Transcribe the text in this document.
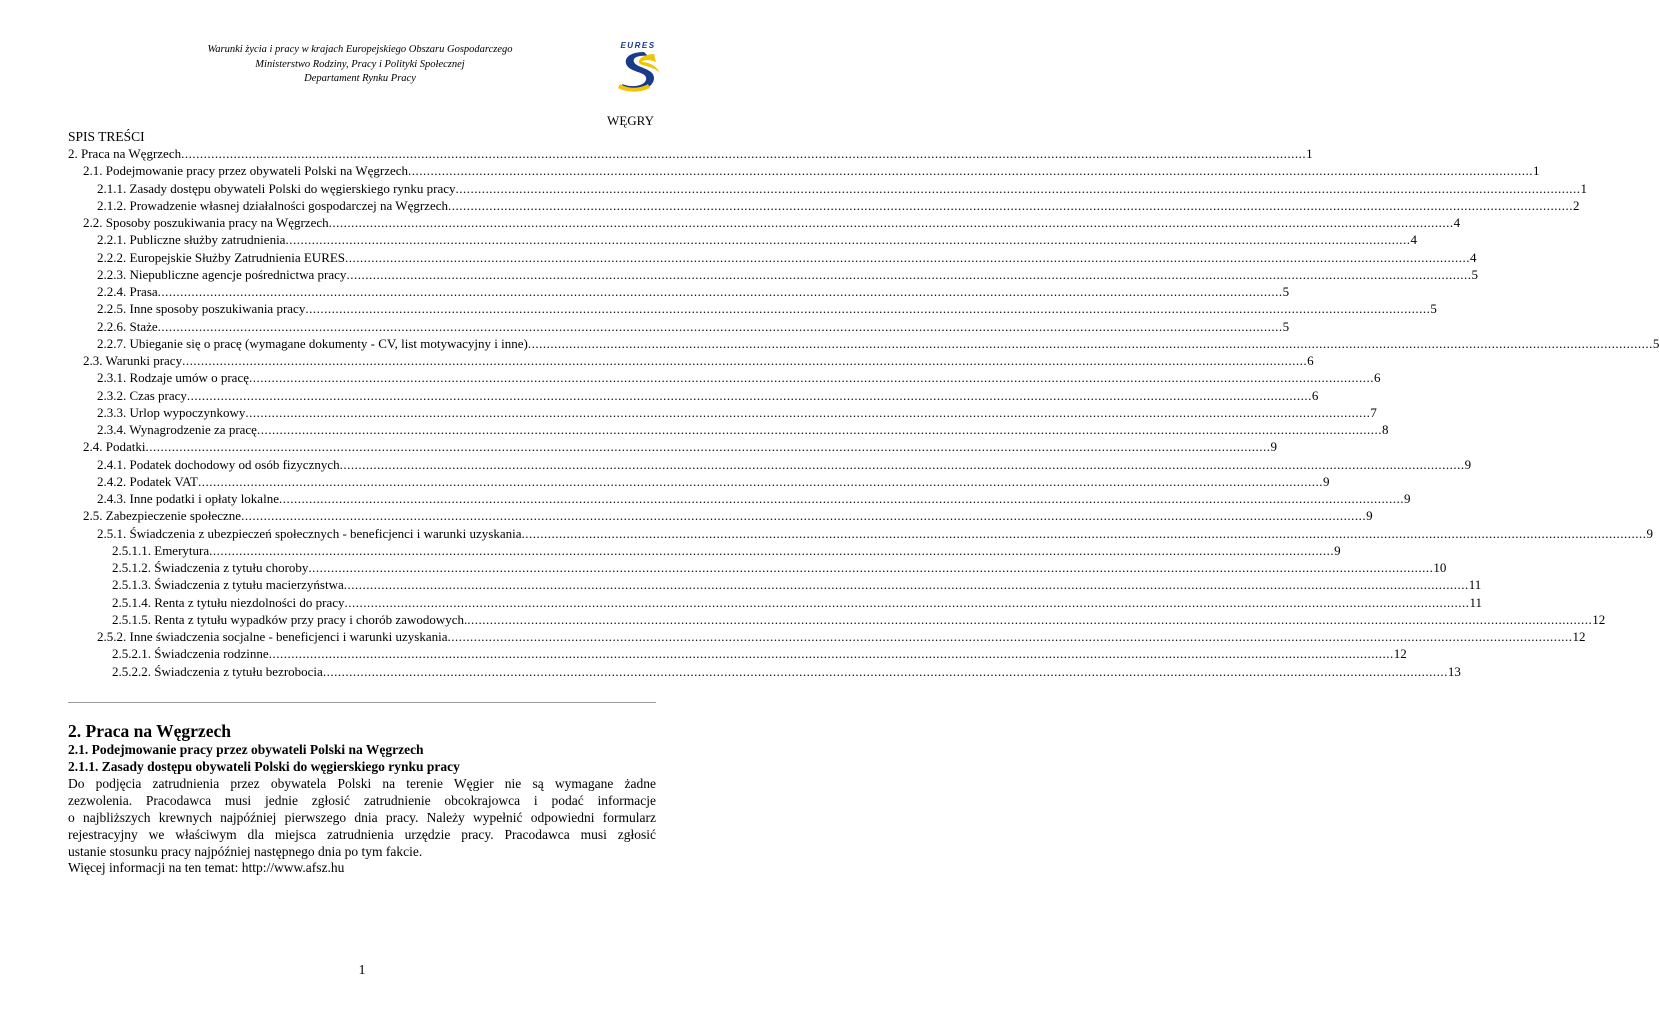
Warunki życia i pracy w krajach Europejskiego Obszaru Gospodarczego
Ministerstwo Rodziny, Pracy i Polityki Społecznej
Departament Rynku Pracy
EURES
WĘGRY
SPIS TREŚCI
2. Praca na Węgrzech ............................................................................................................................................................................................................................................................................................................ 1
2.1. Podejmowanie pracy przez obywateli Polski na Węgrzech ............................................................................................................................................................................................................................................................................................................ 1
2.1.1. Zasady dostępu obywateli Polski do węgierskiego rynku pracy ............................................................................................................................................................................................................................................................................................................ 1
2.1.2. Prowadzenie własnej działalności gospodarczej na Węgrzech ............................................................................................................................................................................................................................................................................................................ 2
2.2. Sposoby poszukiwania pracy na Węgrzech ............................................................................................................................................................................................................................................................................................................ 4
2.2.1. Publiczne służby zatrudnienia ............................................................................................................................................................................................................................................................................................................ 4
2.2.2. Europejskie Służby Zatrudnienia EURES ............................................................................................................................................................................................................................................................................................................ 4
2.2.3. Niepubliczne agencje pośrednictwa pracy ............................................................................................................................................................................................................................................................................................................ 5
2.2.4. Prasa ............................................................................................................................................................................................................................................................................................................ 5
2.2.5. Inne sposoby poszukiwania pracy ............................................................................................................................................................................................................................................................................................................ 5
2.2.6. Staże ............................................................................................................................................................................................................................................................................................................ 5
2.2.7. Ubieganie się o pracę (wymagane dokumenty - CV, list motywacyjny i inne) ............................................................................................................................................................................................................................................................................................................ 5
2.3. Warunki pracy ............................................................................................................................................................................................................................................................................................................ 6
2.3.1. Rodzaje umów o pracę ............................................................................................................................................................................................................................................................................................................ 6
2.3.2. Czas pracy ............................................................................................................................................................................................................................................................................................................ 6
2.3.3. Urlop wypoczynkowy ............................................................................................................................................................................................................................................................................................................ 7
2.3.4. Wynagrodzenie za pracę ............................................................................................................................................................................................................................................................................................................ 8
2.4. Podatki ............................................................................................................................................................................................................................................................................................................ 9
2.4.1. Podatek dochodowy od osób fizycznych ............................................................................................................................................................................................................................................................................................................ 9
2.4.2. Podatek VAT ............................................................................................................................................................................................................................................................................................................ 9
2.4.3. Inne podatki i opłaty lokalne ............................................................................................................................................................................................................................................................................................................ 9
2.5. Zabezpieczenie społeczne ............................................................................................................................................................................................................................................................................................................ 9
2.5.1. Świadczenia z ubezpieczeń społecznych - beneficjenci i warunki uzyskania ............................................................................................................................................................................................................................................................................................................ 9
2.5.1.1. Emerytura ............................................................................................................................................................................................................................................................................................................ 9
2.5.1.2. Świadczenia z tytułu choroby ............................................................................................................................................................................................................................................................................................................ 10
2.5.1.3. Świadczenia z tytułu macierzyństwa ............................................................................................................................................................................................................................................................................................................ 11
2.5.1.4. Renta z tytułu niezdolności do pracy ............................................................................................................................................................................................................................................................................................................ 11
2.5.1.5. Renta z tytułu wypadków przy pracy i chorób zawodowych. ............................................................................................................................................................................................................................................................................................................ 12
2.5.2. Inne świadczenia socjalne - beneficjenci i warunki uzyskania ............................................................................................................................................................................................................................................................................................................ 12
2.5.2.1. Świadczenia rodzinne ............................................................................................................................................................................................................................................................................................................ 12
2.5.2.2. Świadczenia z tytułu bezrobocia ............................................................................................................................................................................................................................................................................................................ 13
2. Praca na Węgrzech
2.1. Podejmowanie pracy przez obywateli Polski na Węgrzech
2.1.1. Zasady dostępu obywateli Polski do węgierskiego rynku pracy
Do podjęcia zatrudnienia przez obywatela Polski na terenie Węgier nie są wymagane żadne
zezwolenia. Pracodawca musi jednie zgłosić zatrudnienie obcokrajowca i podać informacje
o najbliższych krewnych najpóźniej pierwszego dnia pracy. Należy wypełnić odpowiedni formularz
rejestracyjny we właściwym dla miejsca zatrudnienia urzędzie pracy. Pracodawca musi zgłosić
ustanie stosunku pracy najpóźniej następnego dnia po tym fakcie.
Więcej informacji na ten temat: http://www.afsz.hu
1
